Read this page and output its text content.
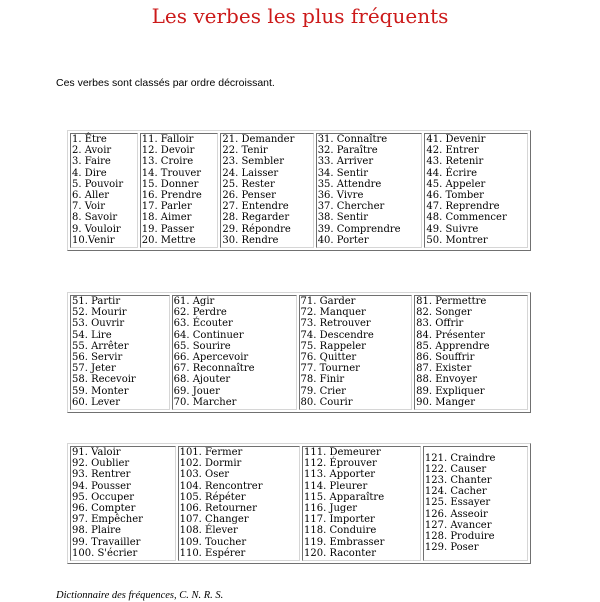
Les verbes les plus fréquents
Ces verbes sont classés par ordre décroissant.
1. Être
2. Avoir
3. Faire
4. Dire
5. Pouvoir
6. Aller
7. Voir
8. Savoir
9. Vouloir
10.Venir

11. Falloir
12. Devoir
13. Croire
14. Trouver
15. Donner
16. Prendre
17. Parler
18. Aimer
19. Passer
20. Mettre

21. Demander
22. Tenir
23. Sembler
24. Laisser
25. Rester
26. Penser
27. Entendre
28. Regarder
29. Répondre
30. Rendre

31. Connaître
32. Paraître
33. Arriver
34. Sentir
35. Attendre
36. Vivre
37. Chercher
38. Sentir
39. Comprendre
40. Porter

41. Devenir
42. Entrer
43. Retenir
44. Écrire
45. Appeler
46. Tomber
47. Reprendre
48. Commencer
49. Suivre
50. Montrer
51. Partir
52. Mourir
53. Ouvrir
54. Lire
55. Arrêter
56. Servir
57. Jeter
58. Recevoir
59. Monter
60. Lever

61. Agir
62. Perdre
63. Écouter
64. Continuer
65. Sourire
66. Apercevoir
67. Reconnaître
68. Ajouter
69. Jouer
70. Marcher

71. Garder
72. Manquer
73. Retrouver
74. Descendre
75. Rappeler
76. Quitter
77. Tourner
78. Finir
79. Crier
80. Courir

81. Permettre
82. Songer
83. Offrir
84. Présenter
85. Apprendre
86. Souffrir
87. Exister
88. Envoyer
89. Expliquer
90. Manger
91. Valoir
92. Oublier
93. Rentrer
94. Pousser
95. Occuper
96. Compter
97. Empêcher
98. Plaire
99. Travailler
100. S'écrier

101. Fermer
102. Dormir
103. Oser
104. Rencontrer
105. Répéter
106. Retourner
107. Changer
108. Élever
109. Toucher
110. Espérer

111. Demeurer
112. Éprouver
113. Apporter
114. Pleurer
115. Apparaître
116. Juger
117. Importer
118. Conduire
119. Embrasser
120. Raconter

121. Craindre
122. Causer
123. Chanter
124. Cacher
125. Essayer
126. Asseoir
127. Avancer
128. Produire
129. Poser
Dictionnaire des fréquences, C. N. R. S.
